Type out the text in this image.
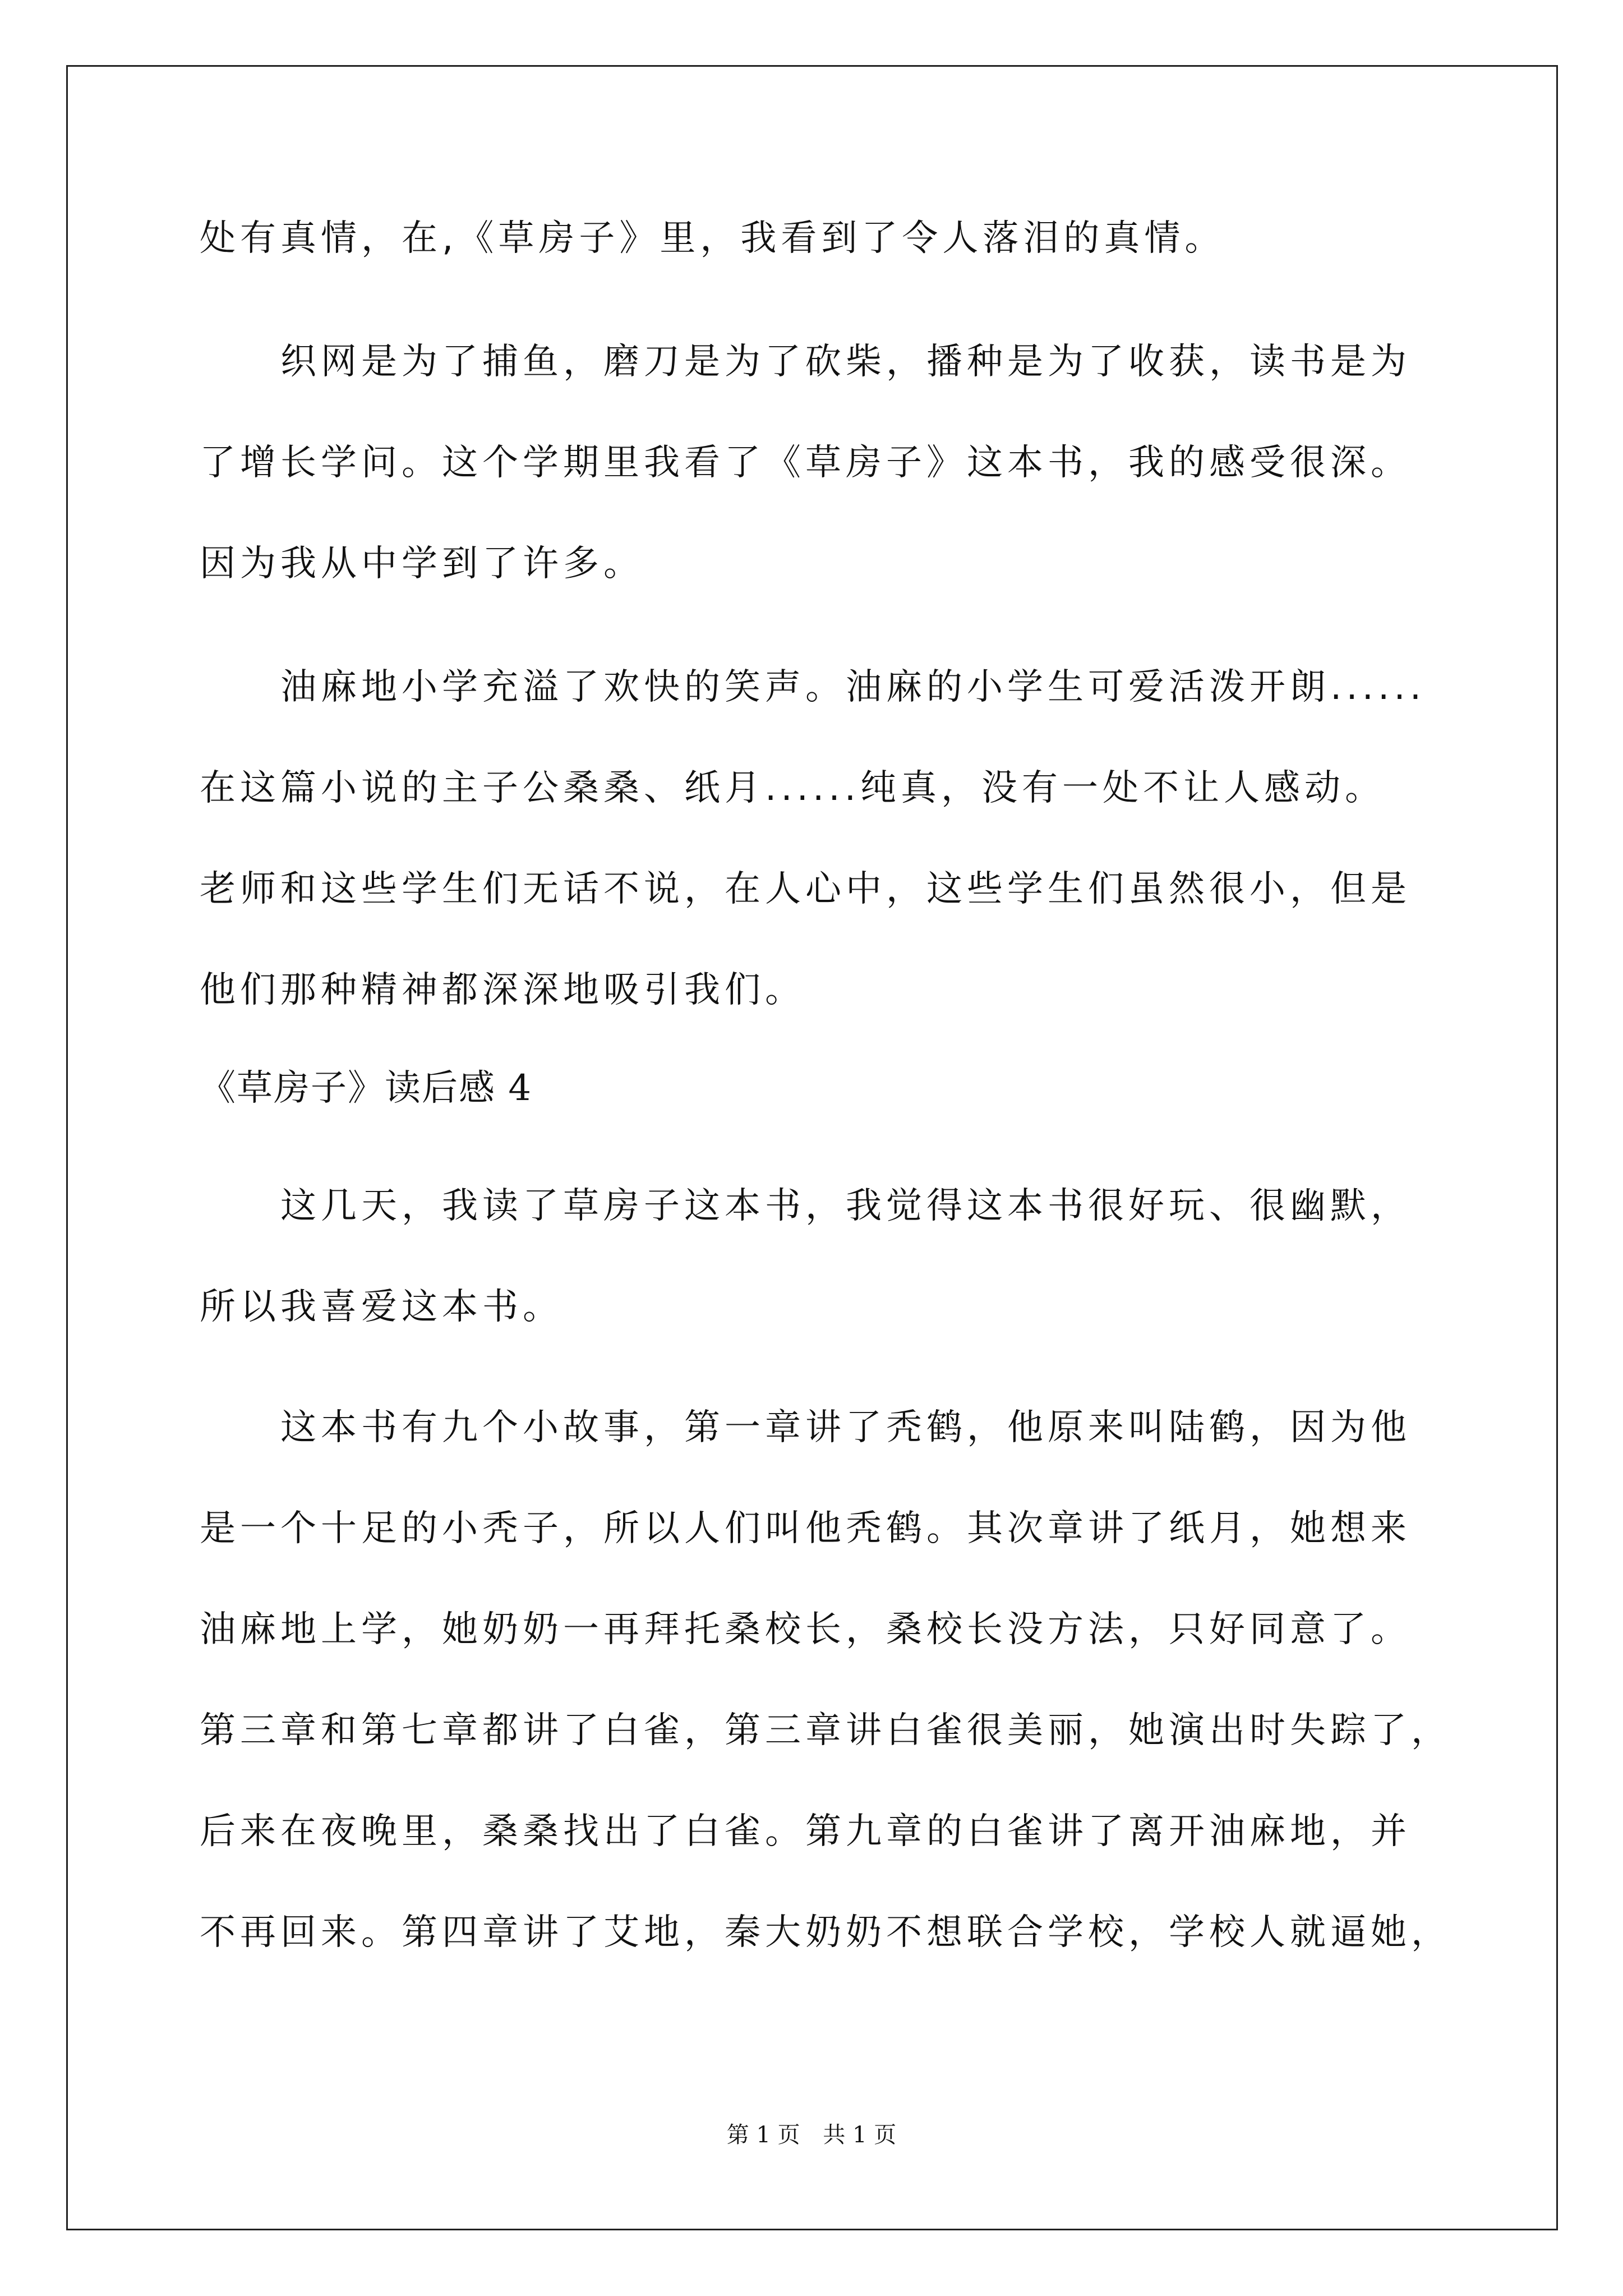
处有真情，在,《草房子》里，我看到了令人落泪的真情。
织网是为了捕鱼，磨刀是为了砍柴，播种是为了收获，读书是为
了增长学问。这个学期里我看了《草房子》这本书，我的感受很深。
因为我从中学到了许多。
油麻地小学充溢了欢快的笑声。油麻的小学生可爱活泼开朗......
在这篇小说的主子公桑桑、纸月......纯真，没有一处不让人感动。
老师和这些学生们无话不说，在人心中，这些学生们虽然很小，但是
他们那种精神都深深地吸引我们。
《草房子》读后感 4
这几天，我读了草房子这本书，我觉得这本书很好玩、很幽默，
所以我喜爱这本书。
这本书有九个小故事，第一章讲了秃鹤，他原来叫陆鹤，因为他
是一个十足的小秃子，所以人们叫他秃鹤。其次章讲了纸月，她想来
油麻地上学，她奶奶一再拜托桑校长，桑校长没方法，只好同意了。
第三章和第七章都讲了白雀，第三章讲白雀很美丽，她演出时失踪了，
后来在夜晚里，桑桑找出了白雀。第九章的白雀讲了离开油麻地，并
不再回来。第四章讲了艾地，秦大奶奶不想联合学校，学校人就逼她，
第 1 页 共 1 页
